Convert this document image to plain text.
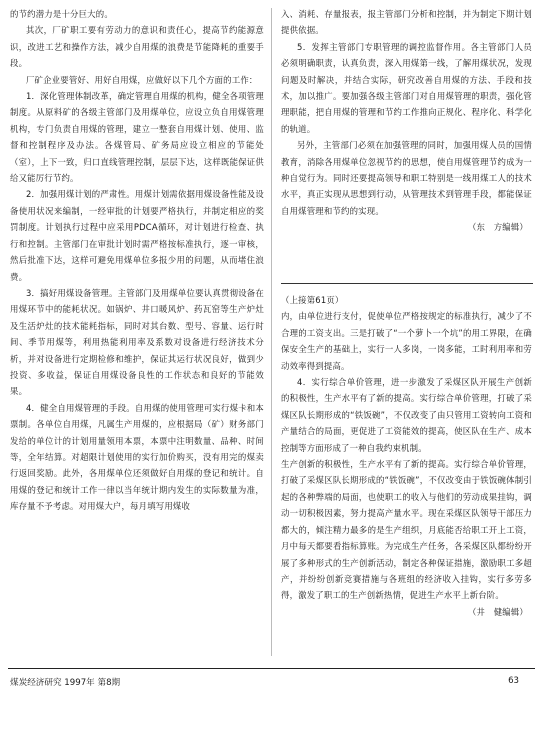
的节约潜力是十分巨大的。

其次，厂矿职工要有劳动力的意识和责任心，提高节约能源意识，改进工艺和操作方法，减少自用煤的浪费是节能降耗的重要手段。

厂矿企业要管好、用好自用煤，应做好以下几个方面的工作：

1．深化管理体制改革，确定管理自用煤的机构，健全各项管理制度。从原料矿的各级主管部门及用煤单位，应设立负自用煤管理机构，专门负责自用煤的管理，建立一整套自用煤计划、使用、监督和控制程序及办法。各煤管局、矿务局应设立相应的节能处（室），上下一致，归口直线管理控制，层层下达，这样既能保证供给又能厉行节约。

2．加强用煤计划的严肃性。用煤计划需依据用煤设备性能及设备使用状况来编制，一经审批的计划要严格执行，并制定相应的奖罚制度。计划执行过程中应采用PDCA循环，对计划进行检查、执行和控制。主管部门在审批计划时需严格按标准执行，逐一审核，然后批准下达，这样可避免用煤单位多报少用的问题，从而堵住浪费。

3．搞好用煤设备管理。主管部门及用煤单位要认真贯彻设备在用煤环节中的能耗状况。如锅炉、井口暖风炉、药瓦窑等生产炉灶及生活炉灶的技术能耗指标，同时对其台数、型号、容量、运行时间、季节用煤等，利用热能利用率及系数对设备进行经济技术分析，并对设备进行定期检修和维护，保证其运行状况良好，做到少投资、多收益，保证自用煤设备良性的工作状态和良好的节能效果。

4．健全自用煤管理的手段。自用煤的使用管理可实行煤卡和本票制。各单位自用煤，凡属生产用煤的，应根据局（矿）财务部门发给的单位计的计划用量领用本票，本票中注明数量、品种、时间等，全年结算。对超限计划使用的实行加价购买，没有用完的煤卖行返回奖励。此外，各用煤单位还须做好自用煤的登记和统计。自用煤的登记和统计工作一律以当年统计期内发生的实际数量为准，库存量不予考虑。对用煤大户，每月填写用煤收

入、消耗、存量报表，报主管部门分析和控制，并为制定下期计划提供依据。

5．发挥主管部门专职管理的调控监督作用。各主管部门人员必须明确职责，认真负责，深入用煤第一线，了解用煤状况，发现问题及时解决，并结合实际，研究改善自用煤的方法、手段和技术，加以推广。要加强各级主管部门对自用煤管理的职责，强化管理职能，把自用煤的管理和节约工作推向正规化、程序化、科学化的轨道。

另外，主管部门必须在加强管理的同时，加强用煤人员的国情教育，消除各用煤单位忽视节约的思想，使自用煤管理节约成为一种自觉行为。同时还要提高领导和职工特别是一线用煤工人的技术水平，真正实现从思想到行动，从管理技术到管理手段，都能保证自用煤管理和节约的实现。

（东　方编辑）

（上接第61页）

内，由单位进行支付，促使单位严格按规定的标准执行，减少了不合理的工资支出。三是打破了“一个萝卜一个坑”的用工界限，在确保安全生产的基础上，实行一人多岗，一岗多能，工时利用率和劳动效率得到提高。

4．实行综合单价管理，进一步激发了采煤区队开展生产创新的积极性，生产水平有了新的提高。实行综合单价管理，打破了采煤区队长期形成的“铁饭碗”，不仅改变了由只管用工资转向工资和产量结合的局面，更促进了工资能效的提高，使区队在生产、成本控制等方面形成了一种自我约束机制。

生产创新的积极性，生产水平有了新的提高。实行综合单价管理，打破了采煤区队长期形成的“铁饭碗”，不仅改变由于铁饭碗体制引起的各种弊端的局面，也使职工的收入与他们的劳动成果挂钩，调动一切积极因素，努力提高产量水平。现在采煤区队领导干部压力都大的，倾注精力最多的是生产组织，月底能否给职工开上工资，月中每天都要看指标算账。为完成生产任务，各采煤区队都纷纷开展了多种形式的生产创新活动，制定各种保证措施，激励职工多超产，并纷纷创新竞赛措施与各班组的经济收入挂钩，实行多劳多得，激发了职工的生产创新热情，促进生产水平上新台阶。

（井　健编辑）

煤炭经济研究 1997年 第8期	63
